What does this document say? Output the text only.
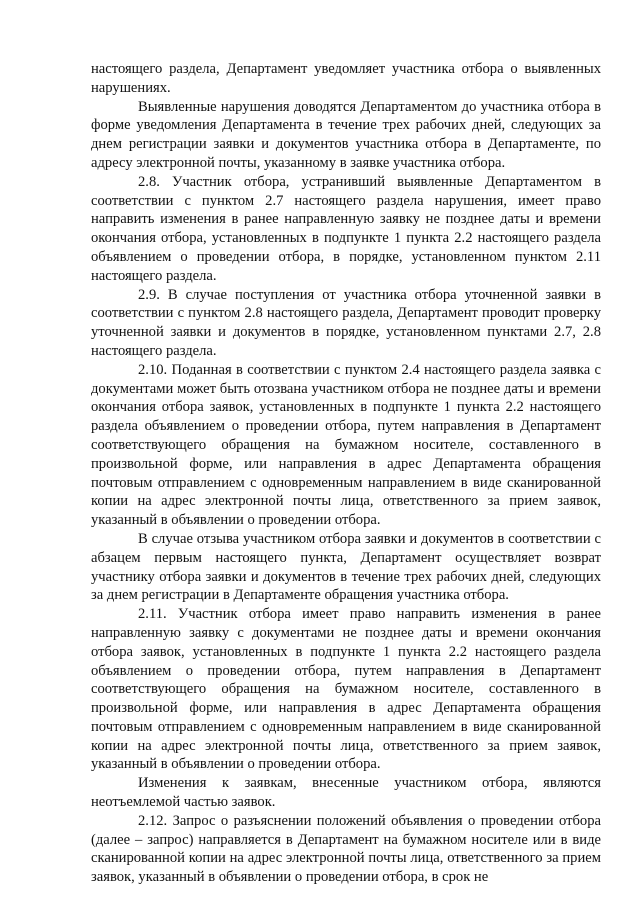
настоящего раздела, Департамент уведомляет участника отбора о выявленных нарушениях.

Выявленные нарушения доводятся Департаментом до участника отбора в форме уведомления Департамента в течение трех рабочих дней, следующих за днем регистрации заявки и документов участника отбора в Департаменте, по адресу электронной почты, указанному в заявке участника отбора.

2.8. Участник отбора, устранивший выявленные Департаментом в соответствии с пунктом 2.7 настоящего раздела нарушения, имеет право направить изменения в ранее направленную заявку не позднее даты и времени окончания отбора, установленных в подпункте 1 пункта 2.2 настоящего раздела объявлением о проведении отбора, в порядке, установленном пунктом 2.11 настоящего раздела.

2.9. В случае поступления от участника отбора уточненной заявки в соответствии с пунктом 2.8 настоящего раздела, Департамент проводит проверку уточненной заявки и документов в порядке, установленном пунктами 2.7, 2.8 настоящего раздела.

2.10. Поданная в соответствии с пунктом 2.4 настоящего раздела заявка с документами может быть отозвана участником отбора не позднее даты и времени окончания отбора заявок, установленных в подпункте 1 пункта 2.2 настоящего раздела объявлением о проведении отбора, путем направления в Департамент соответствующего обращения на бумажном носителе, составленного в произвольной форме, или направления в адрес Департамента обращения почтовым отправлением с одновременным направлением в виде сканированной копии на адрес электронной почты лица, ответственного за прием заявок, указанный в объявлении о проведении отбора.

В случае отзыва участником отбора заявки и документов в соответствии с абзацем первым настоящего пункта, Департамент осуществляет возврат участнику отбора заявки и документов в течение трех рабочих дней, следующих за днем регистрации в Департаменте обращения участника отбора.

2.11. Участник отбора имеет право направить изменения в ранее направленную заявку с документами не позднее даты и времени окончания отбора заявок, установленных в подпункте 1 пункта 2.2 настоящего раздела объявлением о проведении отбора, путем направления в Департамент соответствующего обращения на бумажном носителе, составленного в произвольной форме, или направления в адрес Департамента обращения почтовым отправлением с одновременным направлением в виде сканированной копии на адрес электронной почты лица, ответственного за прием заявок, указанный в объявлении о проведении отбора.

Изменения к заявкам, внесенные участником отбора, являются неотъемлемой частью заявок.

2.12. Запрос о разъяснении положений объявления о проведении отбора (далее – запрос) направляется в Департамент на бумажном носителе или в виде сканированной копии на адрес электронной почты лица, ответственного за прием заявок, указанный в объявлении о проведении отбора, в срок не
